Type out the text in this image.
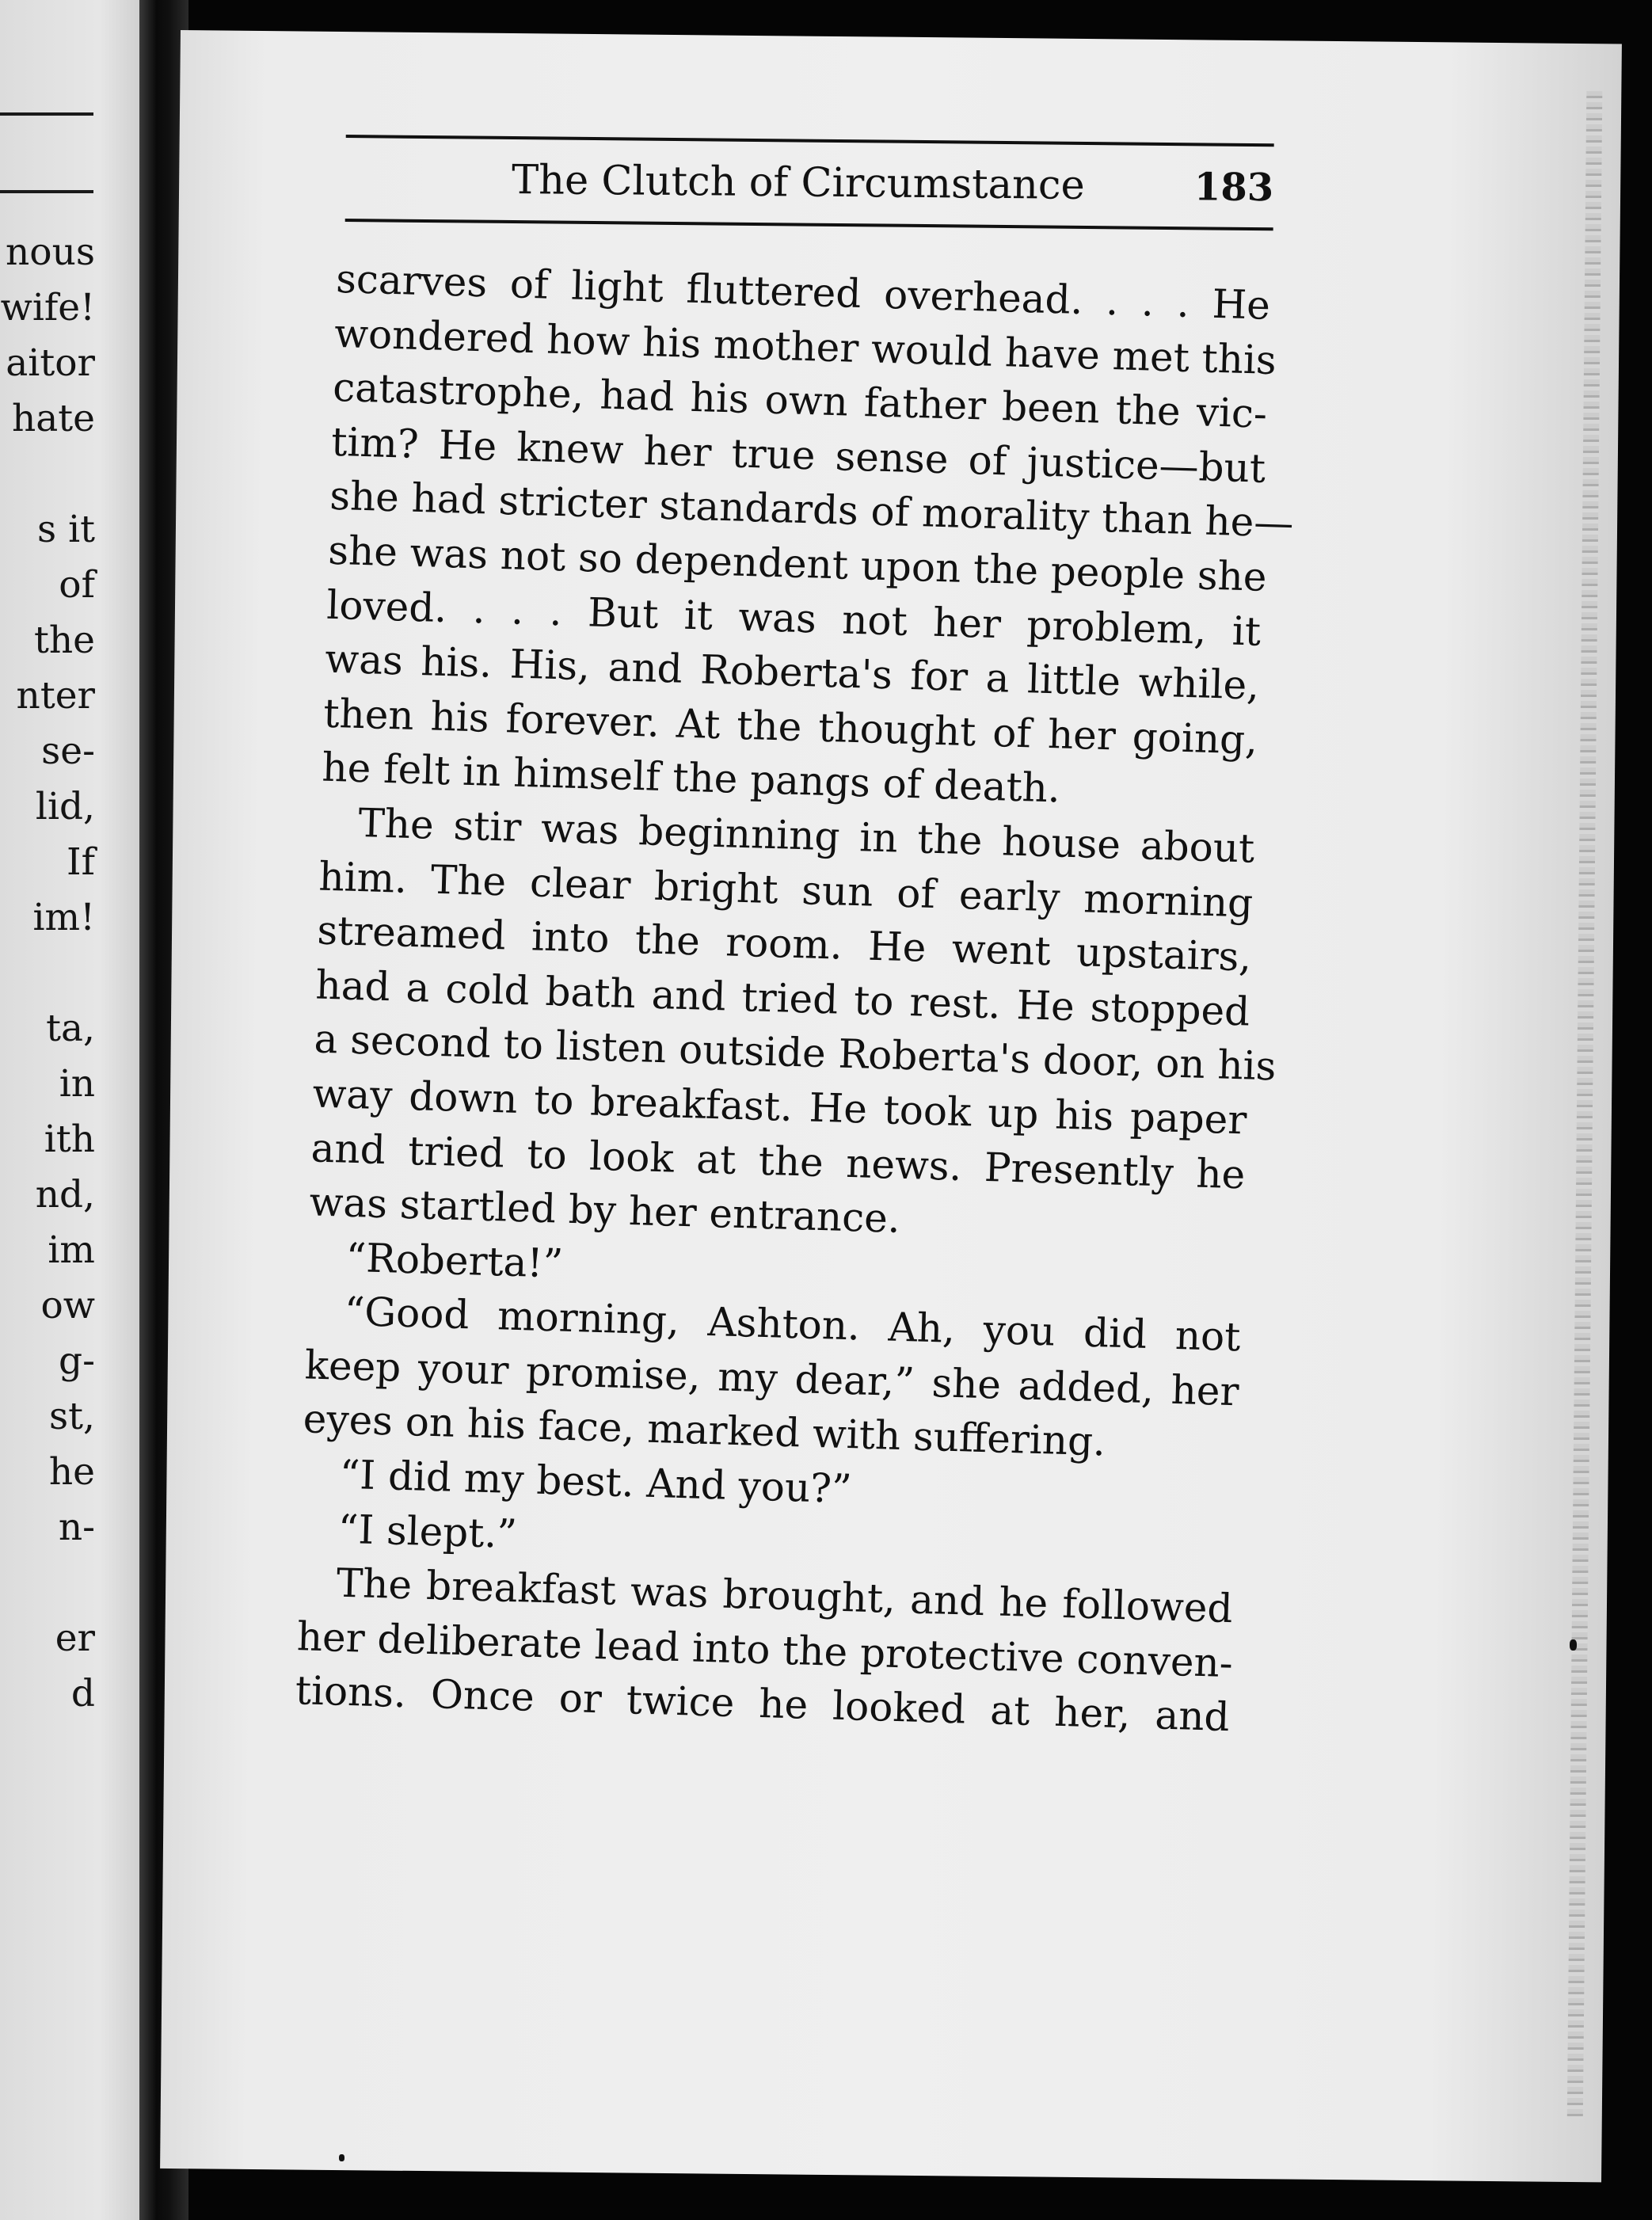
nous
wife!
aitor
hate
s it
of
the
nter
se-
lid,
If
im!
ta,
in
ith
nd,
im
ow
g-
st,
he
n-
er
d
The Clutch of Circumstance	183
scarves of light fluttered overhead. . . . He
wondered how his mother would have met this
catastrophe, had his own father been the vic-
tim? He knew her true sense of justice—but
she had stricter standards of morality than he—
she was not so dependent upon the people she
loved. . . . But it was not her problem, it
was his. His, and Roberta's for a little while,
then his forever. At the thought of her going,
he felt in himself the pangs of death.
The stir was beginning in the house about
him. The clear bright sun of early morning
streamed into the room. He went upstairs,
had a cold bath and tried to rest. He stopped
a second to listen outside Roberta's door, on his
way down to breakfast. He took up his paper
and tried to look at the news. Presently he
was startled by her entrance.
“Roberta!”
“Good morning, Ashton. Ah, you did not
keep your promise, my dear,” she added, her
eyes on his face, marked with suffering.
“I did my best. And you?”
“I slept.”
The breakfast was brought, and he followed
her deliberate lead into the protective conven-
tions. Once or twice he looked at her, and
